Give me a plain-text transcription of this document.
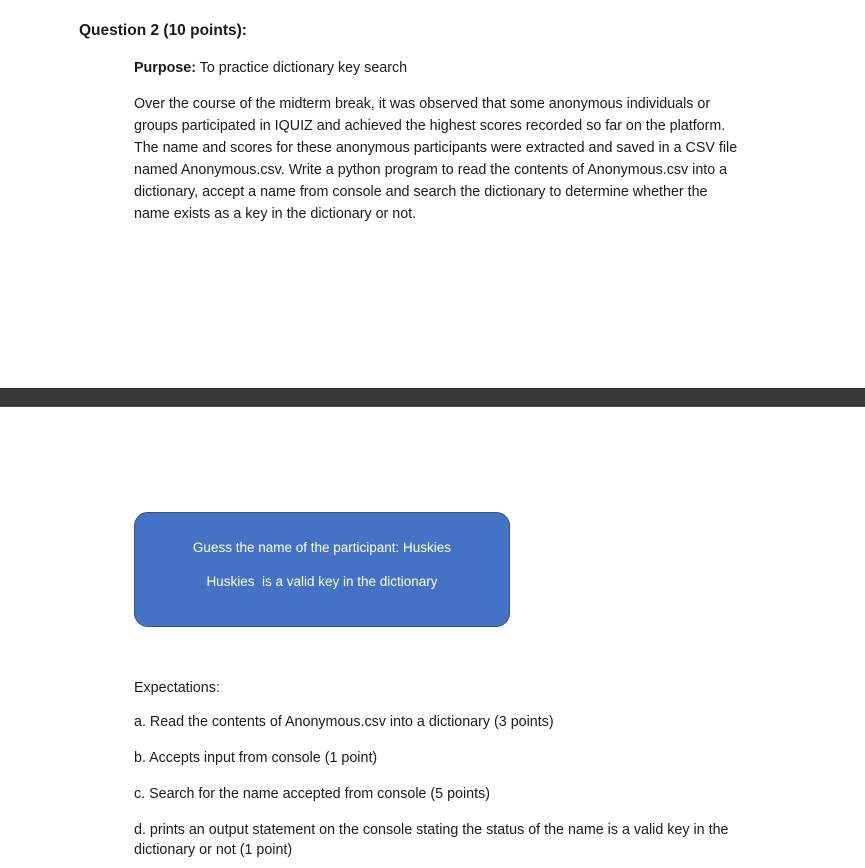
Question 2 (10 points):
Purpose: To practice dictionary key search
Over the course of the midterm break, it was observed that some anonymous individuals or
groups participated in IQUIZ and achieved the highest scores recorded so far on the platform.
The name and scores for these anonymous participants were extracted and saved in a CSV file
named Anonymous.csv. Write a python program to read the contents of Anonymous.csv into a
dictionary, accept a name from console and search the dictionary to determine whether the
name exists as a key in the dictionary or not.
Guess the name of the participant: Huskies
Huskies  is a valid key in the dictionary

Expectations:

a. Read the contents of Anonymous.csv into a dictionary (3 points)
b. Accepts input from console (1 point)
c. Search for the name accepted from console (5 points)
d. prints an output statement on the console stating the status of the name is a valid key in the
dictionary or not (1 point)
